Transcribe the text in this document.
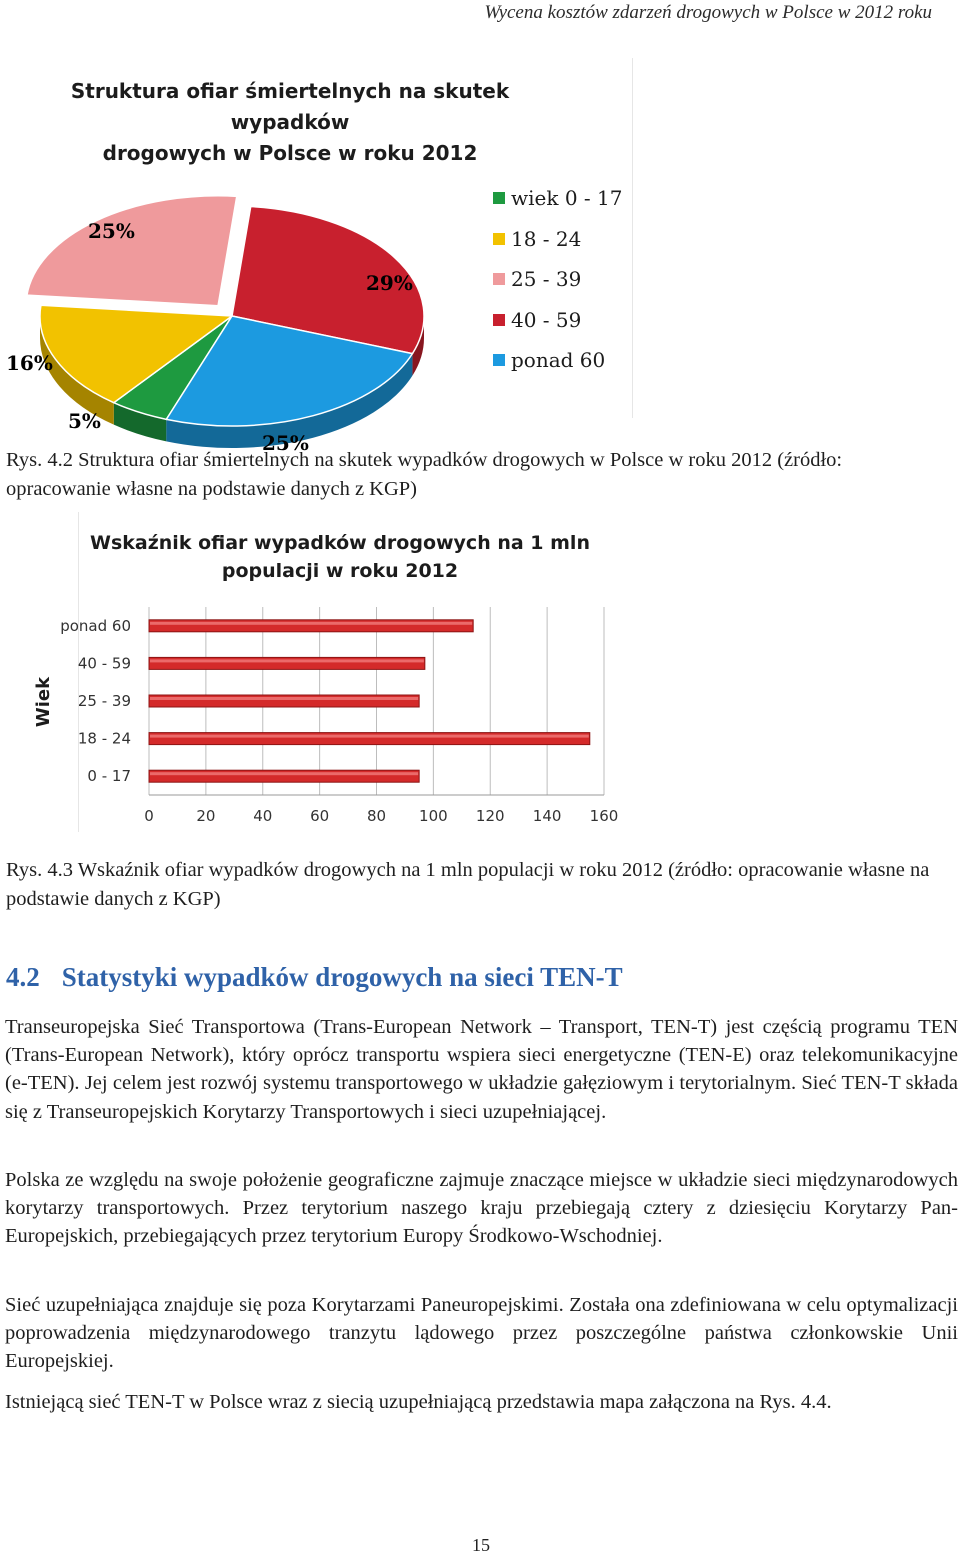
Wycena kosztów zdarzeń drogowych w Polsce w 2012 roku
Struktura ofiar śmiertelnych na skutek wypadków
drogowych w Polsce w roku 2012
5%
16%
25%
29%
25%
wiek 0 - 17
18 - 24
25 - 39
40 - 59
ponad 60
Rys. 4.2 Struktura ofiar śmiertelnych na skutek wypadków drogowych w Polsce w roku 2012 (źródło: opracowanie własne na podstawie danych z KGP)
Wskaźnik ofiar wypadków drogowych na 1 mln
populacji w roku 2012
0	20	40	60	80 100 120 140 160
ponad 60
40 - 59
25 - 39
18 - 24
0 - 17
Wiek
Rys. 4.3 Wskaźnik ofiar wypadków drogowych na 1 mln populacji w roku 2012 (źródło: opracowanie własne na podstawie danych z KGP)
4.2 Statystyki wypadków drogowych na sieci TEN-T
Transeuropejska Sieć Transportowa (Trans-European Network – Transport, TEN-T) jest częścią programu TEN (Trans-European Network), który oprócz transportu wspiera sieci energetyczne (TEN-E) oraz telekomunikacyjne (e-TEN). Jej celem jest rozwój systemu transportowego w układzie gałęziowym i terytorialnym. Sieć TEN-T składa się z Transeuropejskich Korytarzy Transportowych i sieci uzupełniającej.
Polska ze względu na swoje położenie geograficzne zajmuje znaczące miejsce w układzie sieci międzynarodowych korytarzy transportowych. Przez terytorium naszego kraju przebiegają cztery z dziesięciu Korytarzy Pan-Europejskich, przebiegających przez terytorium Europy Środkowo-Wschodniej.
Sieć uzupełniająca znajduje się poza Korytarzami Paneuropejskimi. Została ona zdefiniowana w celu optymalizacji poprowadzenia międzynarodowego tranzytu lądowego przez poszczególne państwa członkowskie Unii Europejskiej.
Istniejącą sieć TEN-T w Polsce wraz z siecią uzupełniającą przedstawia mapa załączona na Rys. 4.4.
15
